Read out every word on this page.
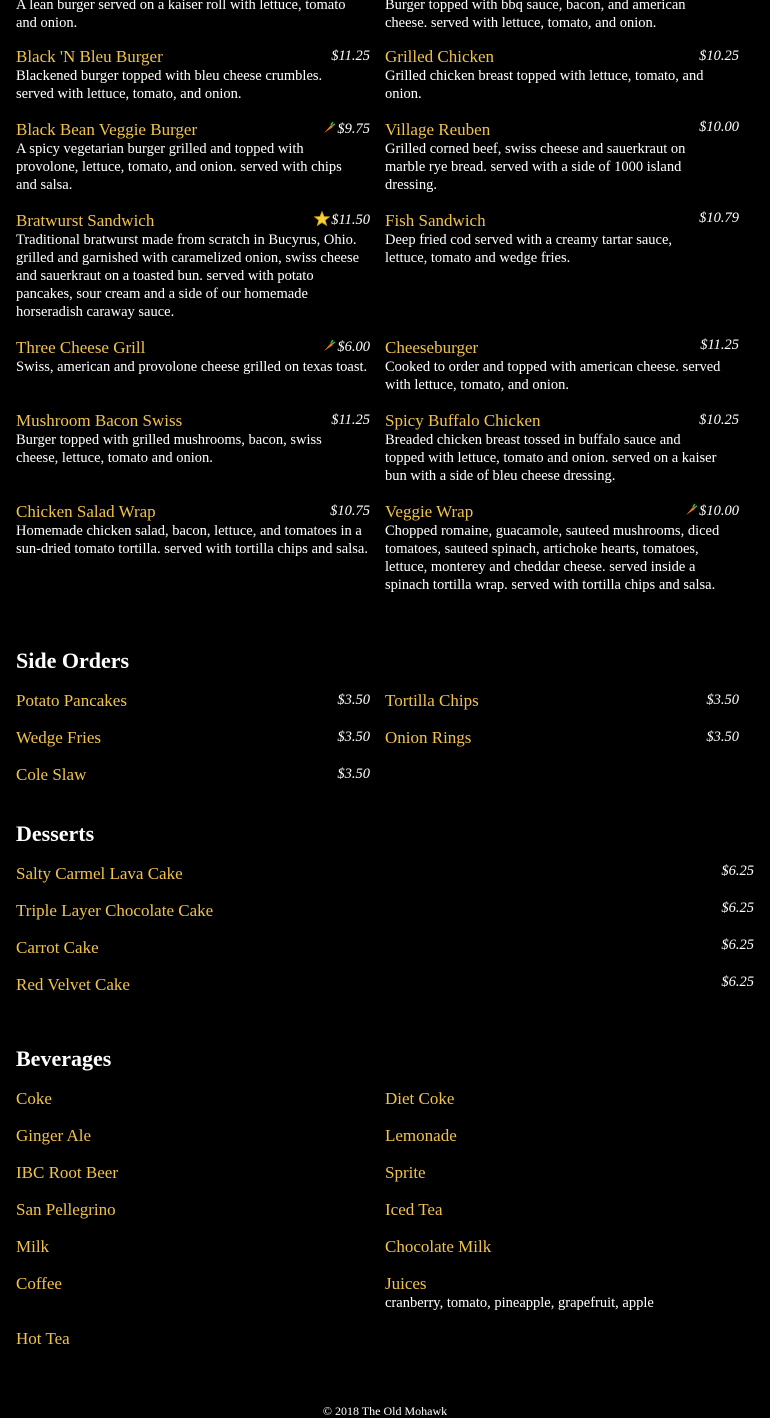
A lean burger served on a kaiser roll with lettuce, tomato and onion.
Burger topped with bbq sauce, bacon, and american cheese. served with lettuce, tomato, and onion.
Black 'N Bleu Burger	$11.25
Blackened burger topped with bleu cheese crumbles. served with lettuce, tomato, and onion.
Grilled Chicken	$10.25
Grilled chicken breast topped with lettuce, tomato, and onion.
Black Bean Veggie Burger	$9.75
A spicy vegetarian burger grilled and topped with provolone, lettuce, tomato, and onion. served with chips and salsa.
Village Reuben	$10.00
Grilled corned beef, swiss cheese and sauerkraut on marble rye bread. served with a side of 1000 island dressing.
Bratwurst Sandwich	$11.50
Traditional bratwurst made from scratch in Bucyrus, Ohio. grilled and garnished with caramelized onion, swiss cheese and sauerkraut on a toasted bun. served with potato pancakes, sour cream and a side of our homemade horseradish caraway sauce.
Fish Sandwich	$10.79
Deep fried cod served with a creamy tartar sauce, lettuce, tomato and wedge fries.
Three Cheese Grill	$6.00
Swiss, american and provolone cheese grilled on texas toast.
Cheeseburger	$11.25
Cooked to order and topped with american cheese. served with lettuce, tomato, and onion.
Mushroom Bacon Swiss	$11.25
Burger topped with grilled mushrooms, bacon, swiss cheese, lettuce, tomato and onion.
Spicy Buffalo Chicken	$10.25
Breaded chicken breast tossed in buffalo sauce and topped with lettuce, tomato and onion. served on a kaiser bun with a side of bleu cheese dressing.
Chicken Salad Wrap	$10.75
Homemade chicken salad, bacon, lettuce, and tomatoes in a sun-dried tomato tortilla. served with tortilla chips and salsa.
Veggie Wrap	$10.00
Chopped romaine, guacamole, sauteed mushrooms, diced tomatoes, sauteed spinach, artichoke hearts, tomatoes, lettuce, monterey and cheddar cheese. served inside a spinach tortilla wrap. served with tortilla chips and salsa.
Side Orders
Potato Pancakes	$3.50 Tortilla Chips	$3.50
Wedge Fries	$3.50 Onion Rings	$3.50
Cole Slaw	$3.50
Desserts
Salty Carmel Lava Cake	$6.25
Triple Layer Chocolate Cake	$6.25
Carrot Cake	$6.25
Red Velvet Cake	$6.25
Beverages
Coke	Diet Coke
Ginger Ale	Lemonade
IBC Root Beer	Sprite
San Pellegrino	Iced Tea
Milk	Chocolate Milk
Coffee	Juices
cranberry, tomato, pineapple, grapefruit, apple
Hot Tea
© 2018 The Old Mohawk
